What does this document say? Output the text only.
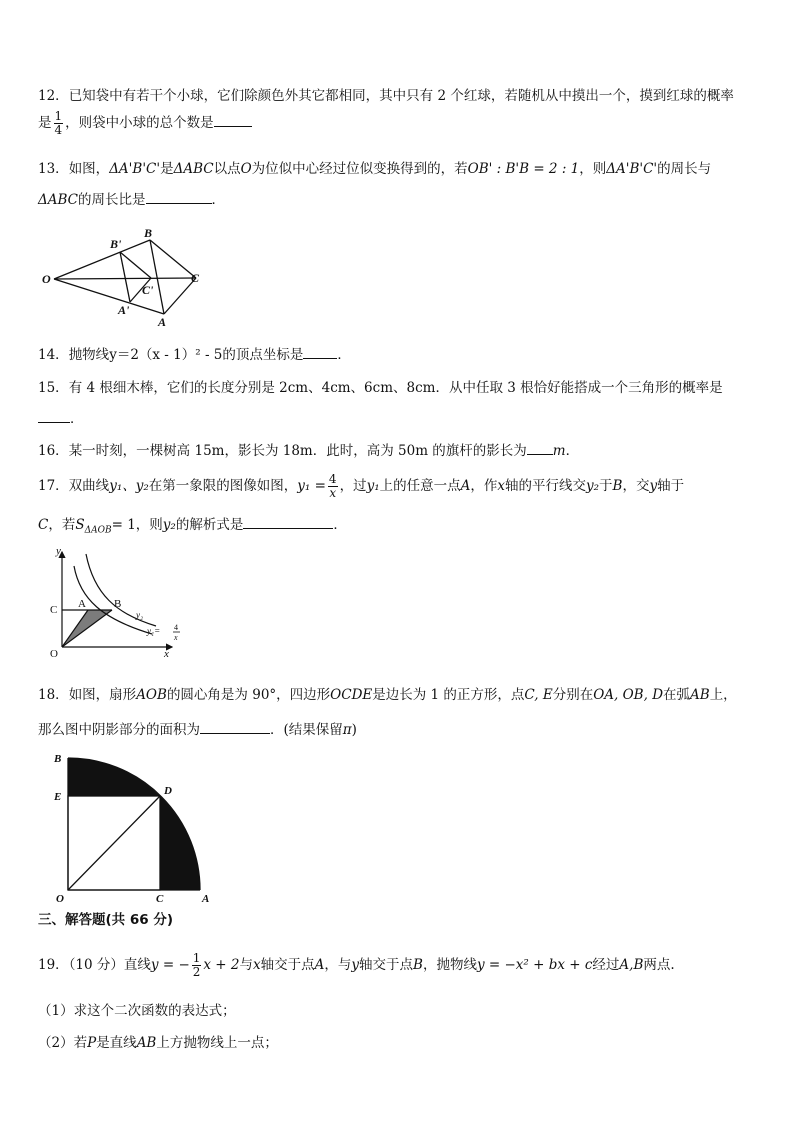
12．已知袋中有若干个小球，它们除颜色外其它都相同，其中只有 2 个红球，若随机从中摸出一个，摸到红球的概率
是 $\frac{1}{4}$ ，则袋中小球的总个数是
13．如图，ΔA'B'C'是ΔABC以点O为位似中心经过位似变换得到的，若OB' : B'B = 2 : 1，则ΔA'B'C'的周长与
ΔABC的周长比是	．
O
B'
B
C
C'
A'
A
14．抛物线y＝2（x - 1）² - 5的顶点坐标是	．
15．有 4 根细木棒，它们的长度分别是 2cm、4cm、6cm、8cm．从中任取 3 根恰好能搭成一个三角形的概率是
．
16．某一时刻，一棵树高 15m，影长为 18m．此时，高为 50m 的旗杆的影长为 m．
17．双曲线y₁、y₂在第一象限的图像如图，$y_1 = \frac{4}{x}$ ，过y₁上的任意一点A，作x轴的平行线交y₂于B，交y轴于
C，若$S_{\Delta AOB}= 1$，则y₂的解析式是	．
y
C A	B
O	x
y₂
y₁= 4
x
18．如图，扇形AOB的圆心角是为 90°，四边形OCDE是边长为 1 的正方形，点C, E分别在OA, OB, D在弧AB上，
那么图中阴影部分的面积为	．(结果保留π)
B
E	D
O	C	A
三、解答题(共 66 分)
19．（10 分）直线y = − $\frac{1}{2}$ x + 2与x轴交于点A，与y轴交于点B，抛物线y = −x² + bx + c经过A,B两点.
（1）求这个二次函数的表达式；
（2）若P是直线AB上方抛物线上一点；
